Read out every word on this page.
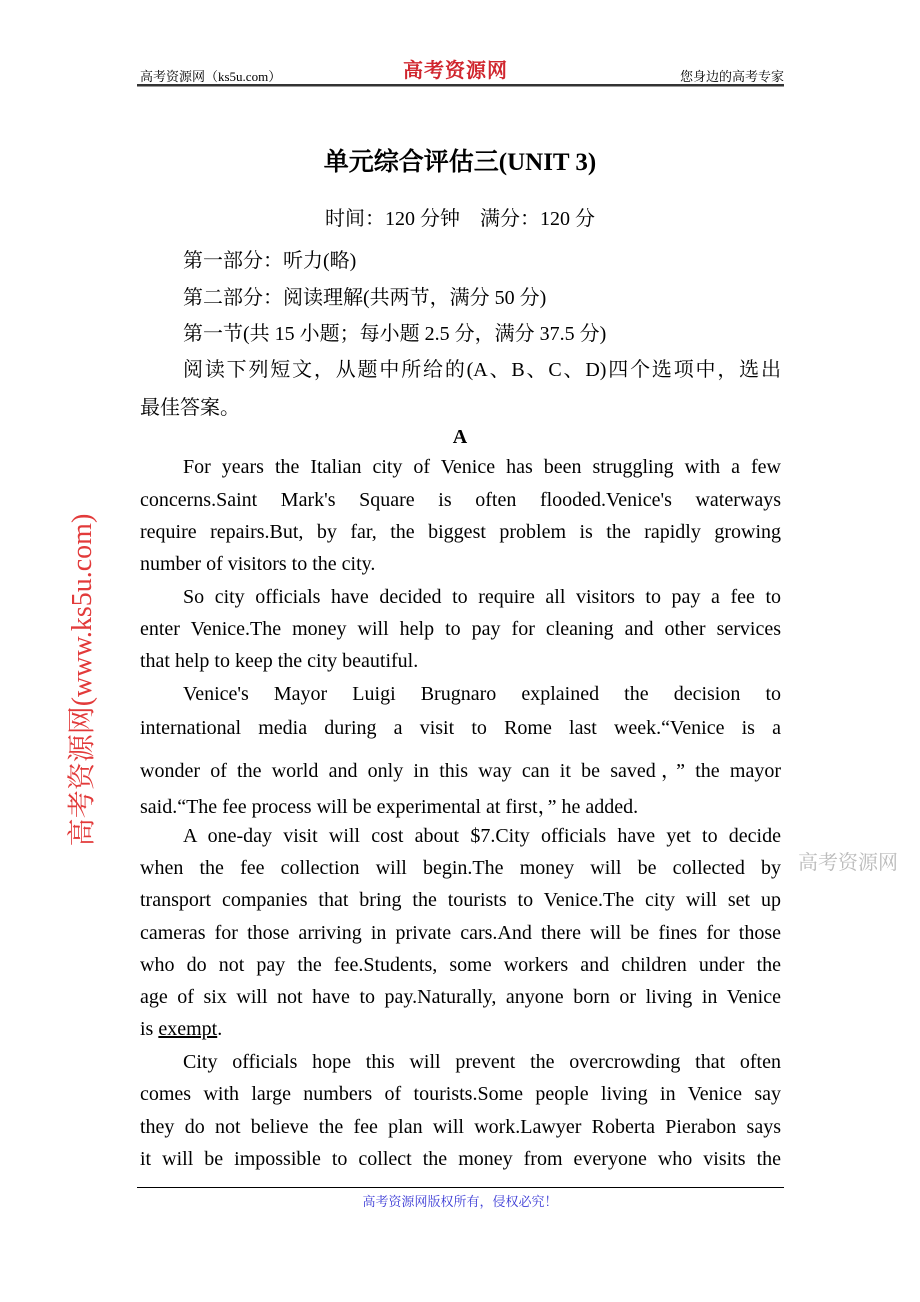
高考资源网（ks5u.com）	高考资源网	您身边的高考专家
单元综合评估三(UNIT 3)
时间：120 分钟　满分：120 分
第一部分：听力(略)
第二部分：阅读理解(共两节，满分 50 分)
第一节(共 15 小题；每小题 2.5 分，满分 37.5 分)
阅读下列短文，从题中所给的(A、B、C、D)四个选项中，选出
最佳答案。
A
For years the Italian city of Venice has been struggling with a few
concerns.Saint Mark's Square is often flooded.Venice's waterways
require repairs.But, by far, the biggest problem is the rapidly growing
number of visitors to the city.
So city officials have decided to require all visitors to pay a fee to
enter Venice.The money will help to pay for cleaning and other services
that help to keep the city beautiful.
Venice's Mayor Luigi Brugnaro explained the decision to
international media during a visit to Rome last week.“Venice is a
wonder of the world and only in this way can it be saved，” the mayor
said.“The fee process will be experimental at first，” he added.
A one-day visit will cost about $7.City officials have yet to decide
when the fee collection will begin.The money will be collected by
transport companies that bring the tourists to Venice.The city will set up
cameras for those arriving in private cars.And there will be fines for those
who do not pay the fee.Students, some workers and children under the
age of six will not have to pay.Naturally, anyone born or living in Venice
is exempt.
City officials hope this will prevent the overcrowding that often
comes with large numbers of tourists.Some people living in Venice say
they do not believe the fee plan will work.Lawyer Roberta Pierabon says
it will be impossible to collect the money from everyone who visits the
高考资源网(www.ks5u.com)
高考资源网
高考资源网版权所有，侵权必究！
